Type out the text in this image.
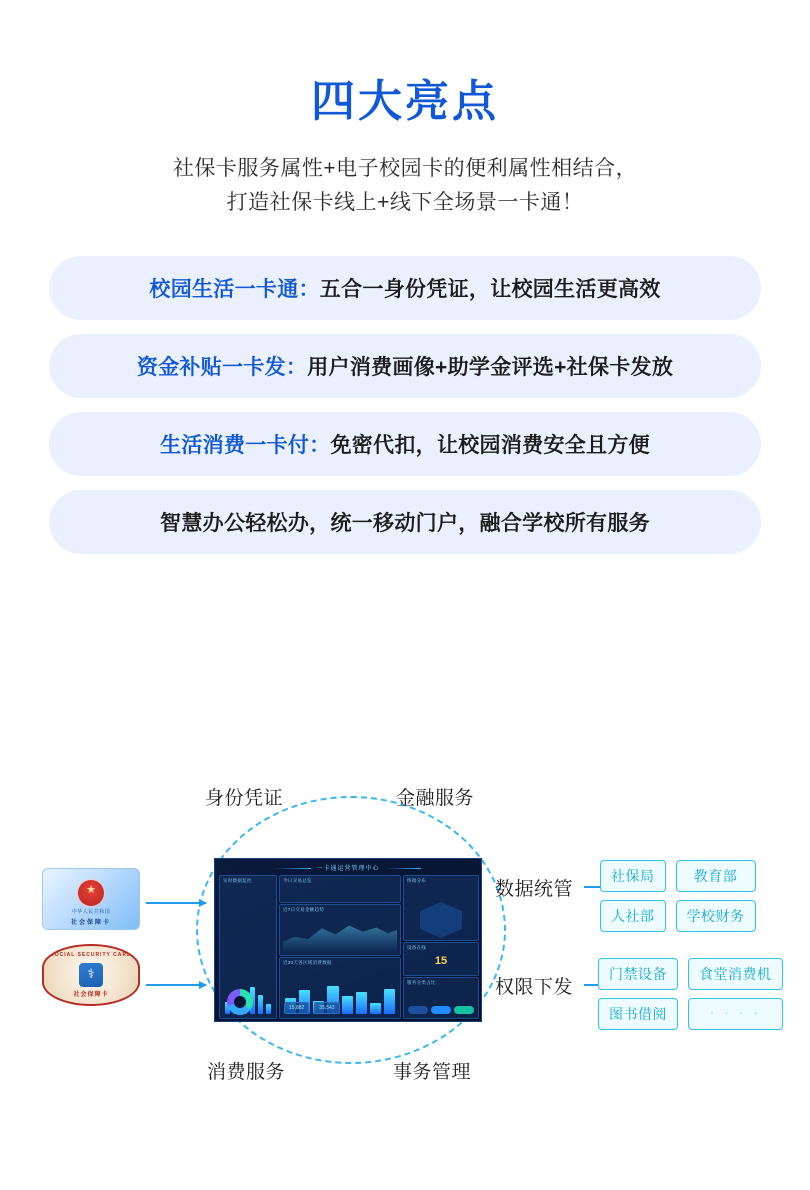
四大亮点
社保卡服务属性+电子校园卡的便利属性相结合，
打造社保卡线上+线下全场景一卡通！
校园生活一卡通： 五合一身份凭证，让校园生活更高效
资金补贴一卡发： 用户消费画像+助学金评选+社保卡发放
生活消费一卡付： 免密代扣，让校园消费安全且方便
智慧办公轻松办， 统一移动门户，融合学校所有服务
身份凭证	金融服务
消费服务	事务管理
★
中华人民共和国
社会保障卡
SOCIAL SECURITY CARD
⚕
社会保障卡
一卡通运营管理中心
实时数据监控	今日交易总览
近7日交易金额趋势
近30天各区域消费数据
15,882	35,543
终端分布
设备在线
15
服务分类占比
数据统管
社保局	教育部
人社部	学校财务
权限下发
门禁设备	食堂消费机
图书借阅	· · · ·
